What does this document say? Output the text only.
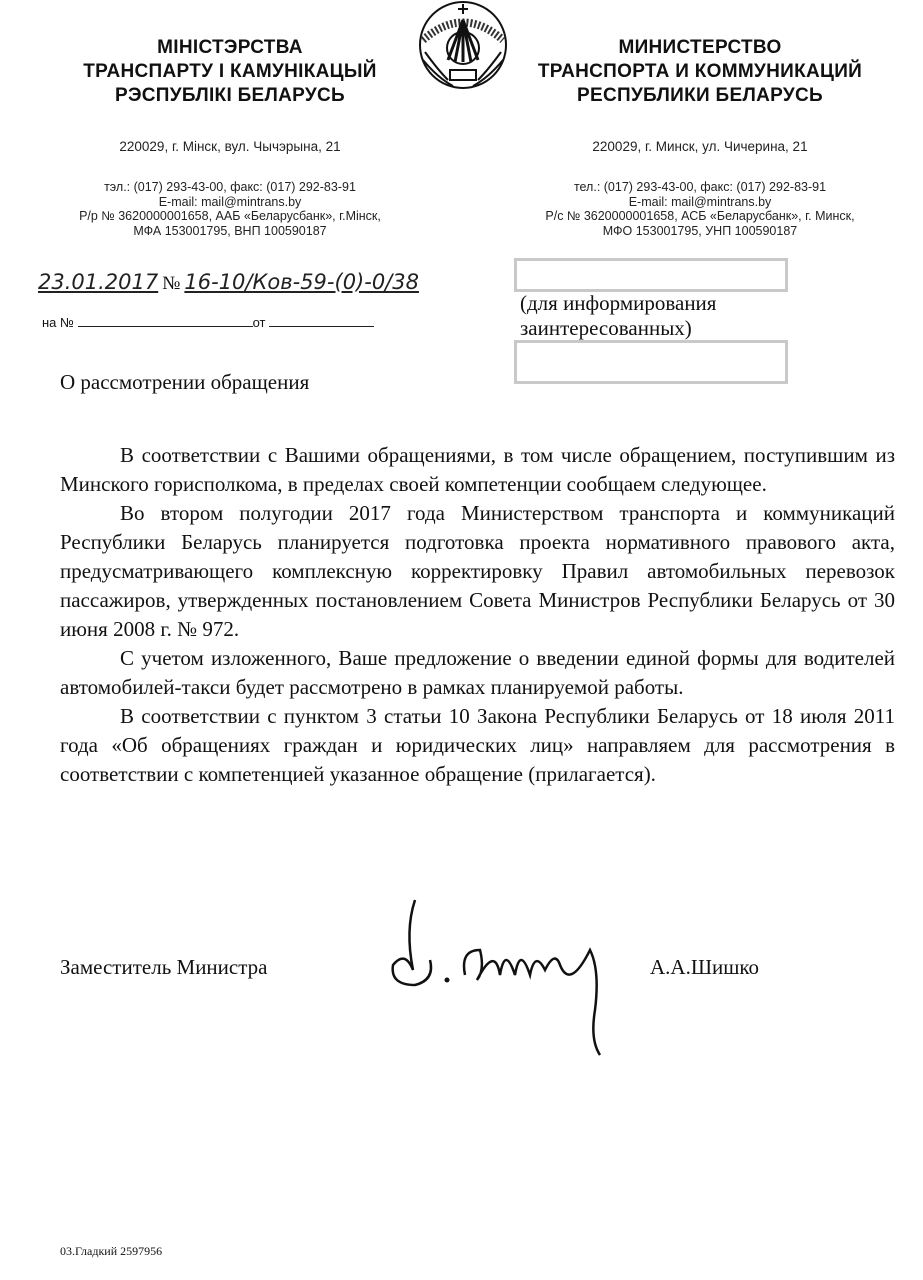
МІНІСТЭРСТВА
ТРАНСПАРТУ І КАМУНІКАЦЫЙ
РЭСПУБЛІКІ БЕЛАРУСЬ
220029, г. Мінск, вул. Чычэрына, 21
тэл.: (017) 293-43-00, факс: (017) 292-83-91
E-mail: mail@mintrans.by
Р/р № 3620000001658, ААБ «Беларусбанк», г.Мінск,
МФА 153001795, ВНП 100590187
МИНИСТЕРСТВО
ТРАНСПОРТА И КОММУНИКАЦИЙ
РЕСПУБЛИКИ БЕЛАРУСЬ
220029, г. Минск, ул. Чичерина, 21
тел.: (017) 293-43-00, факс: (017) 292-83-91
E-mail: mail@mintrans.by
Р/с № 3620000001658, АСБ «Беларусбанк», г. Минск,
МФО 153001795, УНП 100590187
23.01.2017 № 16-10/Ков-59-(0)-0/38
на №	от
(для информирования заинтересованных)
О рассмотрении обращения

В соответствии с Вашими обращениями, в том числе обращением, поступившим из Минского горисполкома, в пределах своей компетенции сообщаем следующее.

Во втором полугодии 2017 года Министерством транспорта и коммуникаций Республики Беларусь планируется подготовка проекта нормативного правового акта, предусматривающего комплексную корректировку Правил автомобильных перевозок пассажиров, утвержденных постановлением Совета Министров Республики Беларусь от 30 июня 2008 г. № 972.

С учетом изложенного, Ваше предложение о введении единой формы для водителей автомобилей-такси будет рассмотрено в рамках планируемой работы.

В соответствии с пунктом 3 статьи 10 Закона Республики Беларусь от 18 июля 2011 года «Об обращениях граждан и юридических лиц» направляем для рассмотрения в соответствии с компетенцией указанное обращение (прилагается).

Заместитель Министра	А.А.Шишко
03.Гладкий 2597956
